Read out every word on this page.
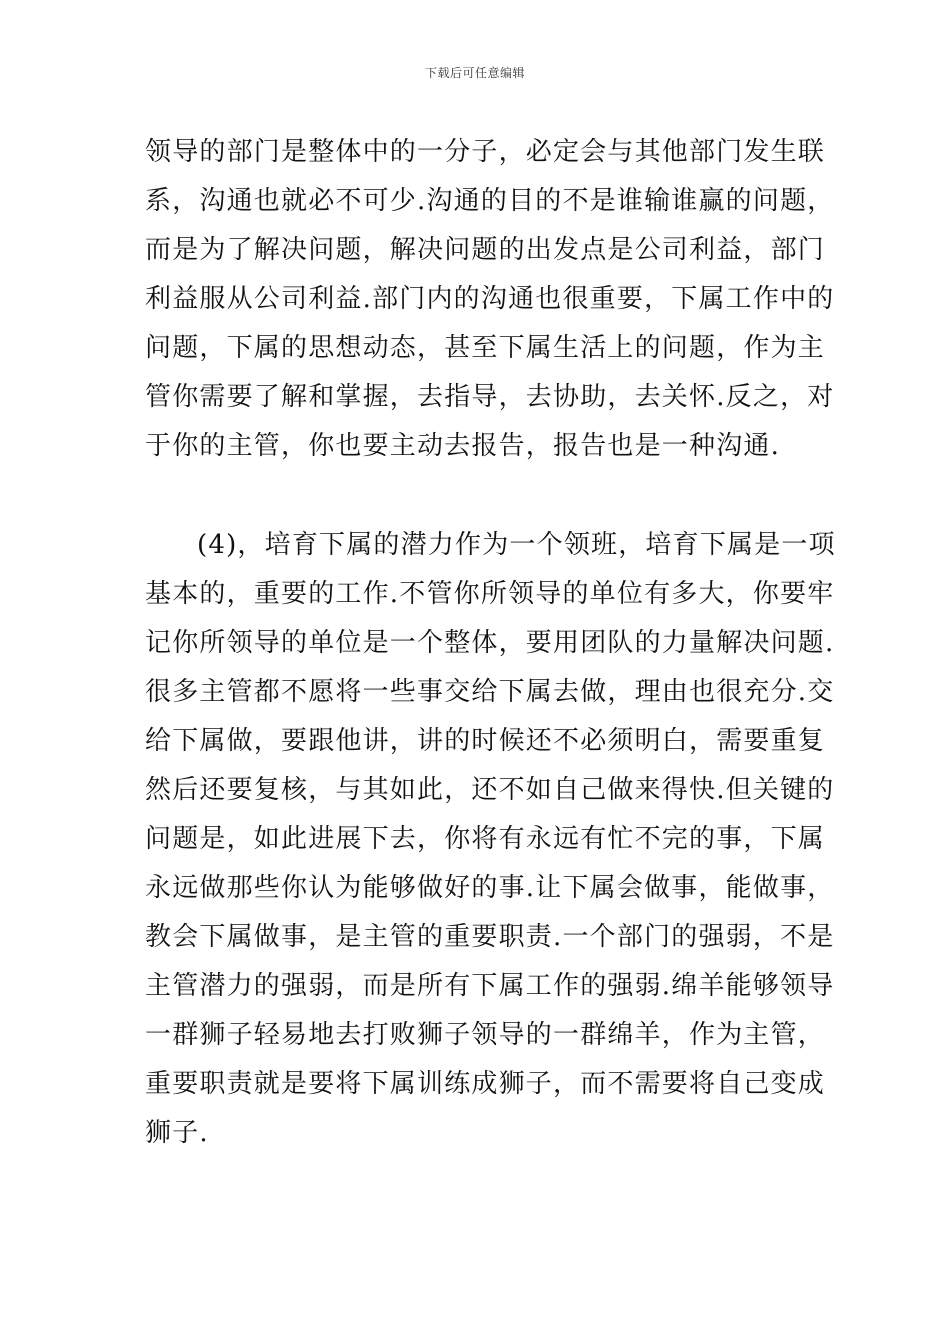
下载后可任意编辑
领导的部门是整体中的一分子，必定会与其他部门发生联
系，沟通也就必不可少.沟通的目的不是谁输谁赢的问题，
而是为了解决问题，解决问题的出发点是公司利益，部门
利益服从公司利益.部门内的沟通也很重要，下属工作中的
问题，下属的思想动态，甚至下属生活上的问题，作为主
管你需要了解和掌握，去指导，去协助，去关怀.反之，对
于你的主管，你也要主动去报告，报告也是一种沟通.
(4)，培育下属的潜力作为一个领班，培育下属是一项
基本的，重要的工作.不管你所领导的单位有多大，你要牢
记你所领导的单位是一个整体，要用团队的力量解决问题.
很多主管都不愿将一些事交给下属去做，理由也很充分.交
给下属做，要跟他讲，讲的时候还不必须明白，需要重复
然后还要复核，与其如此，还不如自己做来得快.但关键的
问题是，如此进展下去，你将有永远有忙不完的事，下属
永远做那些你认为能够做好的事.让下属会做事，能做事，
教会下属做事，是主管的重要职责.一个部门的强弱，不是
主管潜力的强弱，而是所有下属工作的强弱.绵羊能够领导
一群狮子轻易地去打败狮子领导的一群绵羊，作为主管，
重要职责就是要将下属训练成狮子，而不需要将自己变成
狮子.
